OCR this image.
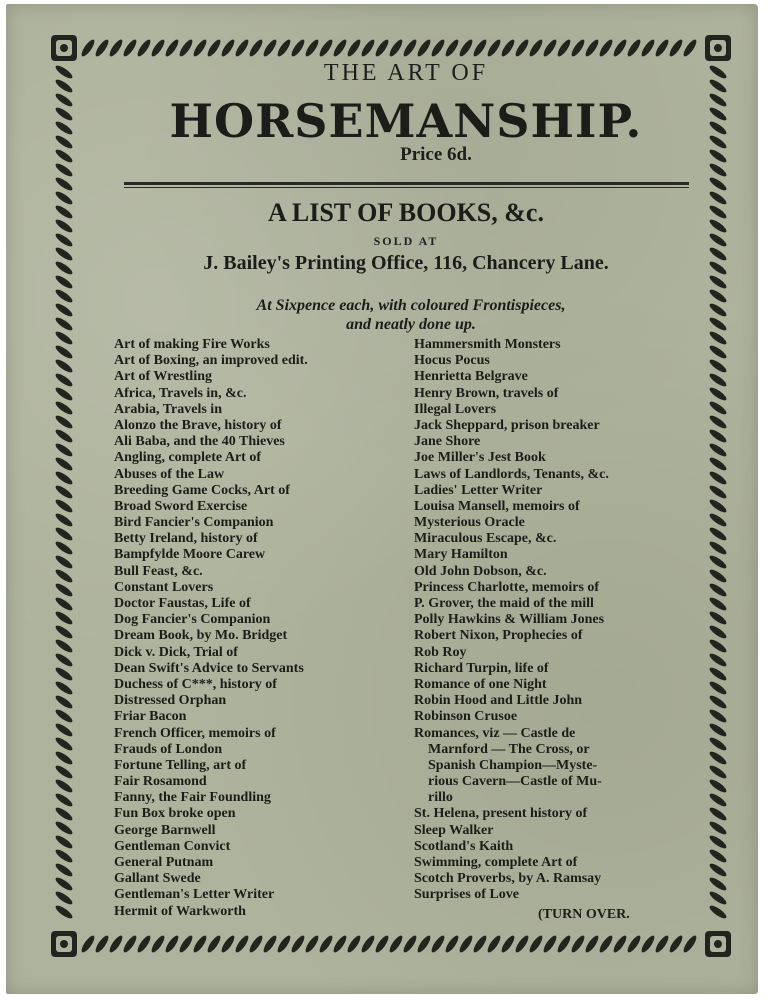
THE ART OF
HORSEMANSHIP.
Price 6d.
A LIST OF BOOKS, &c.
SOLD AT
J. Bailey's Printing Office, 116, Chancery Lane.
At Sixpence each, with coloured Frontispieces,
and neatly done up.
Art of making Fire Works
Art of Boxing, an improved edit.
Art of Wrestling
Africa, Travels in, &c.
Arabia, Travels in
Alonzo the Brave, history of
Ali Baba, and the 40 Thieves
Angling, complete Art of
Abuses of the Law
Breeding Game Cocks, Art of
Broad Sword Exercise
Bird Fancier's Companion
Betty Ireland, history of
Bampfylde Moore Carew
Bull Feast, &c.
Constant Lovers
Doctor Faustas, Life of
Dog Fancier's Companion
Dream Book, by Mo. Bridget
Dick v. Dick, Trial of
Dean Swift's Advice to Servants
Duchess of C***, history of
Distressed Orphan
Friar Bacon
French Officer, memoirs of
Frauds of London
Fortune Telling, art of
Fair Rosamond
Fanny, the Fair Foundling
Fun Box broke open
George Barnwell
Gentleman Convict
General Putnam
Gallant Swede
Gentleman's Letter Writer
Hermit of Warkworth
Hammersmith Monsters
Hocus Pocus
Henrietta Belgrave
Henry Brown, travels of
Illegal Lovers
Jack Sheppard, prison breaker
Jane Shore
Joe Miller's Jest Book
Laws of Landlords, Tenants, &c.
Ladies' Letter Writer
Louisa Mansell, memoirs of
Mysterious Oracle
Miraculous Escape, &c.
Mary Hamilton
Old John Dobson, &c.
Princess Charlotte, memoirs of
P. Grover, the maid of the mill
Polly Hawkins & William Jones
Robert Nixon, Prophecies of
Rob Roy
Richard Turpin, life of
Romance of one Night
Robin Hood and Little John
Robinson Crusoe
Romances, viz — Castle de
Marnford — The Cross, or
Spanish Champion—Myste-
rious Cavern—Castle of Mu-
rillo
St. Helena, present history of
Sleep Walker
Scotland's Kaith
Swimming, complete Art of
Scotch Proverbs, by A. Ramsay
Surprises of Love
(TURN OVER.
